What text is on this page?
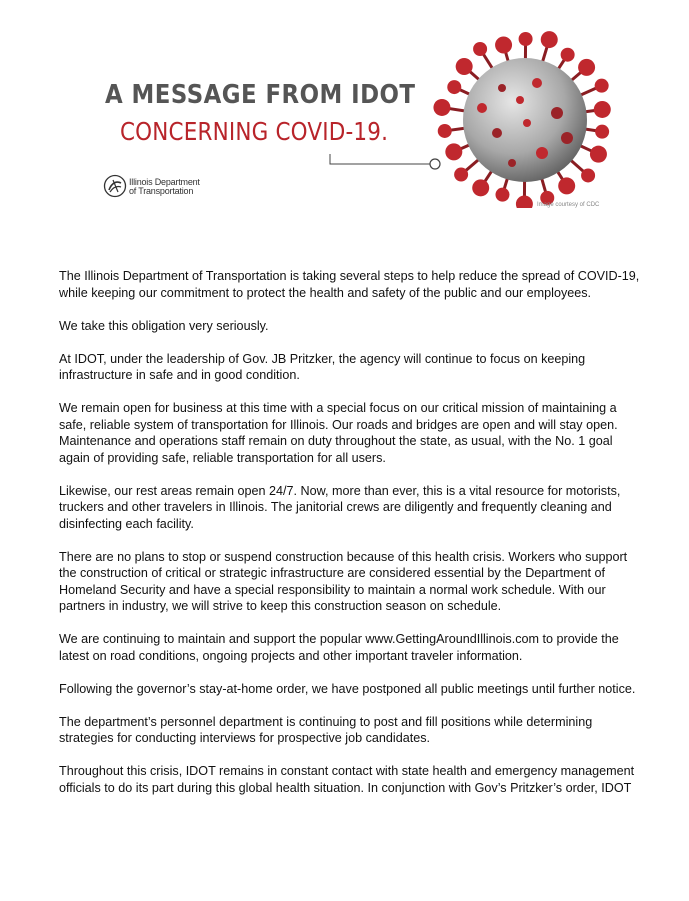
A MESSAGE FROM IDOT
CONCERNING COVID-19.
Illinois Department
of Transportation
Image courtesy of CDC

The Illinois Department of Transportation is taking several steps to help reduce the spread of COVID-19, while keeping our commitment to protect the health and safety of the public and our employees.

We take this obligation very seriously.

At IDOT, under the leadership of Gov. JB Pritzker, the agency will continue to focus on keeping infrastructure in safe and in good condition.

We remain open for business at this time with a special focus on our critical mission of maintaining a safe, reliable system of transportation for Illinois. Our roads and bridges are open and will stay open. Maintenance and operations staff remain on duty throughout the state, as usual, with the No. 1 goal again of providing safe, reliable transportation for all users.

Likewise, our rest areas remain open 24/7. Now, more than ever, this is a vital resource for motorists, truckers and other travelers in Illinois. The janitorial crews are diligently and frequently cleaning and disinfecting each facility.

There are no plans to stop or suspend construction because of this health crisis. Workers who support the construction of critical or strategic infrastructure are considered essential by the Department of Homeland Security and have a special responsibility to maintain a normal work schedule. With our partners in industry, we will strive to keep this construction season on schedule.

We are continuing to maintain and support the popular www.GettingAroundIllinois.com to provide the latest on road conditions, ongoing projects and other important traveler information.

Following the governor’s stay-at-home order, we have postponed all public meetings until further notice.

The department’s personnel department is continuing to post and fill positions while determining strategies for conducting interviews for prospective job candidates.

Throughout this crisis, IDOT remains in constant contact with state health and emergency management officials to do its part during this global health situation. In conjunction with Gov’s Pritzker’s order, IDOT
